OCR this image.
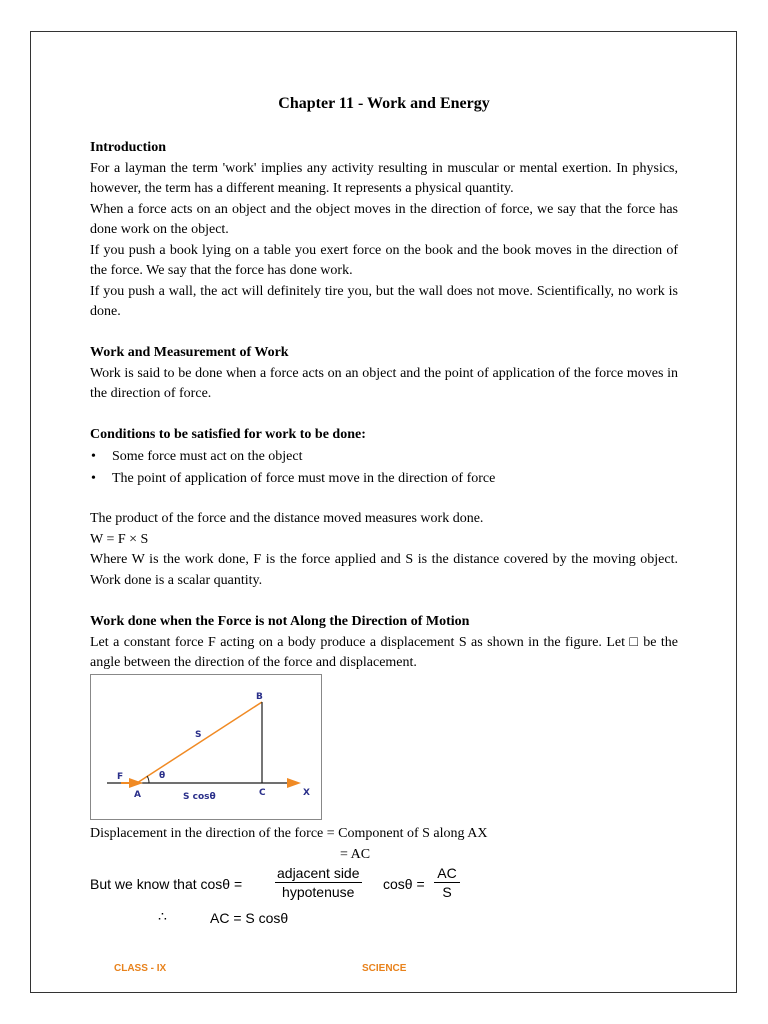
Chapter 11 - Work and Energy

Introduction

For a layman the term 'work' implies any activity resulting in muscular or mental exertion. In physics, however, the term has a different meaning. It represents a physical quantity.

When a force acts on an object and the object moves in the direction of force, we say that the force has done work on the object.

If you push a book lying on a table you exert force on the book and the book moves in the direction of the force. We say that the force has done work.

If you push a wall, the act will definitely tire you, but the wall does not move. Scientifically, no work is done.

Work and Measurement of Work

Work is said to be done when a force acts on an object and the point of application of the force moves in the direction of force.

Conditions to be satisfied for work to be done:

• Some force must act on the object
• The point of application of force must move in the direction of force

The product of the force and the distance moved measures work done.

W = F × S

Where W is the work done, F is the force applied and S is the distance covered by the moving object. Work done is a scalar quantity.

Work done when the Force is not Along the Direction of Motion

Let a constant force F acting on a body produce a displacement S as shown in the figure. Let □ be the angle between the direction of the force and displacement.

Displacement in the direction of the force = Component of S along AX

= AC
But we know that cosθ =
adjacent side
hypotenuse	$\cos\theta = \frac{AC}{S}$
∴	AC = S cosθ
B
S
F	θ
A	S cosθ	C	X
CLASS - IX	SCIENCE
